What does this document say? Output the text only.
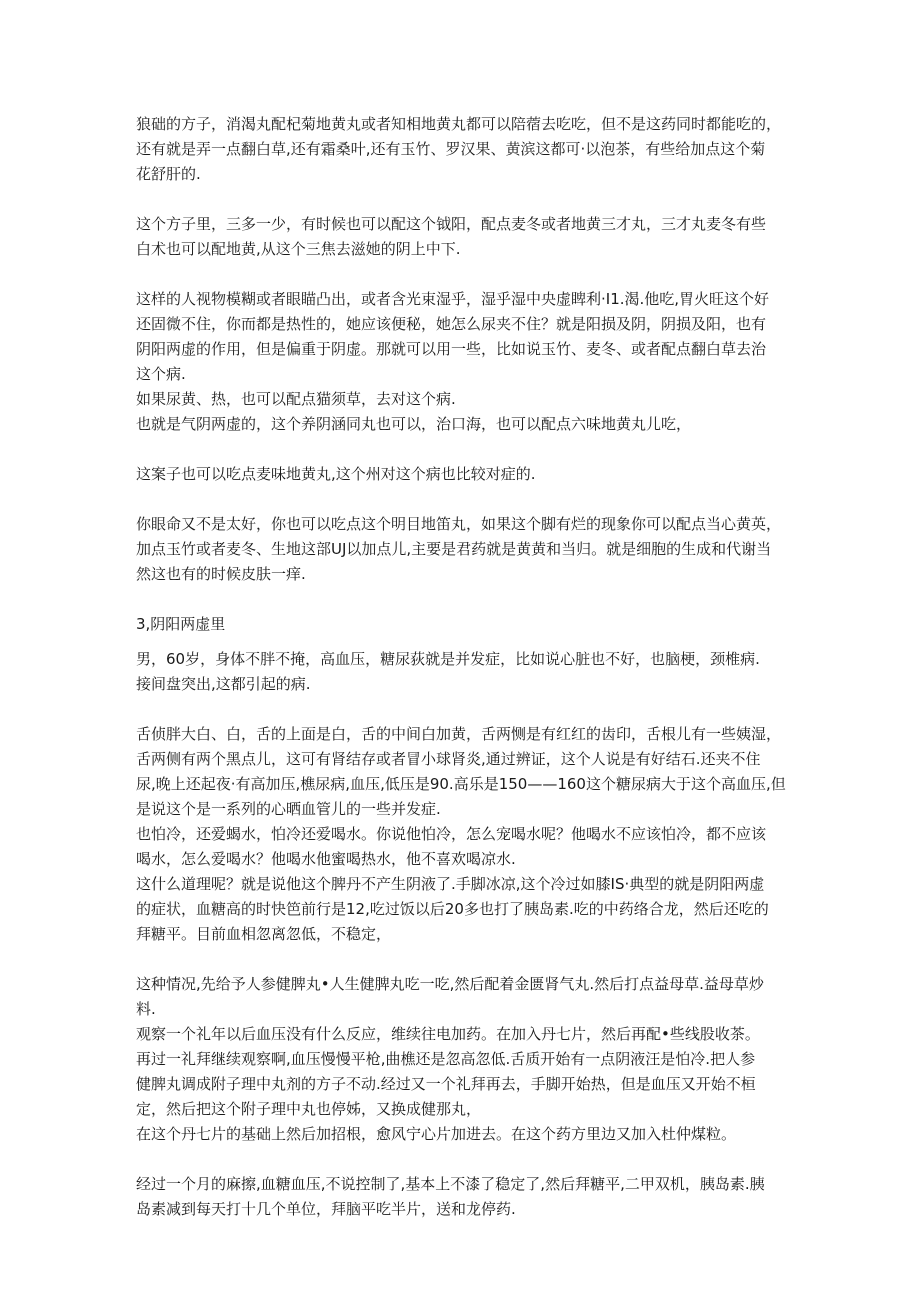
狼础的方子，消渴丸配杞菊地黄丸或者知相地黄丸都可以陪蓿去吃吃，但不是这药同时都能吃的，
还有就是弄一点翻白草,还有霜桑叶,还有玉竹、罗汉果、黄滨这都可·以泡茶，有些给加点这个菊
花舒肝的.

这个方子里，三多一少，有时候也可以配这个钺阳，配点麦冬或者地黄三才丸，三才丸麦冬有些
白术也可以配地黄,从这个三焦去滋她的阴上中下.

这样的人视物模糊或者眼瞄凸出，或者含光束湿乎，湿乎湿中央虚睥利·I1.渴.他吃,胃火旺这个好
还固微不住，你而都是热性的，她应该便秘，她怎么尿夹不住？就是阳损及阴，阴损及阳，也有
阴阳两虚的作用，但是偏重于阴虚。那就可以用一些，比如说玉竹、麦冬、或者配点翻白草去治
这个病.
如果尿黄、热，也可以配点猫须草，去对这个病.
也就是气阴两虚的，这个养阴涵同丸也可以，治口海，也可以配点六味地黄丸儿吃，

这案子也可以吃点麦味地黄丸,这个州对这个病也比较对症的.

你眼命又不是太好，你也可以吃点这个明目地笛丸，如果这个脚有烂的现象你可以配点当心黄英，
加点玉竹或者麦冬、生地这部UJ以加点儿,主要是君药就是黄黄和当归。就是细胞的生成和代谢当
然这也有的时候皮肤一痒.

3,阴阳两虚里

男，60岁，身体不胖不掩，高血压，糖尿荻就是并发症，比如说心脏也不好，也脑梗，颈椎病.
接间盘突出,这都引起的病.

舌侦胖大白、白，舌的上面是白，舌的中间白加黄，舌两恻是有红红的齿印，舌根儿有一些姨湿，
舌两侧有两个黑点儿，这可有肾结存或者冒小球肾炎,通过辨证，这个人说是有好结石.还夹不住
尿,晚上还起夜·有高加压,樵尿病,血压,低压是90.高乐是150——160这个糖尿病大于这个高血压,但
是说这个是一系列的心晒血管儿的一些并发症.
也怕冷，还爱蝎水，怕冷还爱喝水。你说他怕冷，怎么宠喝水呢？他喝水不应该怕冷，都不应该
喝水，怎么爱喝水？他喝水他蜜喝热水，他不喜欢喝凉水.
这什么道理呢？就是说他这个脾丹不产生阴液了.手脚冰凉,这个冷过如膝IS·典型的就是阴阳两虚
的症状，血糖高的时快笆前行是12,吃过饭以后20多也打了胰岛素.吃的中药络合龙，然后还吃的
拜糖平。目前血相忽离忽低，不稳定，

这种情况,先给予人参健脾丸•人生健脾丸吃一吃,然后配着金匮肾气丸.然后打点益母草.益母草炒
料.
观察一个礼年以后血压没有什么反应，维续往电加药。在加入丹七片，然后再配•些线股收茶。
再过一礼拜继续观察啊,血压慢慢平枪,曲樵还是忽高忽低.舌质开始有一点阴液汪是怕冷.把人参
健脾丸调成附子理中丸剂的方子不动.经过又一个礼拜再去，手脚开始热，但是血压又开始不桓
定，然后把这个附子理中丸也停姊，又换成健那丸，
在这个丹七片的基础上然后加招根，愈风宁心片加进去。在这个药方里边又加入杜仲煤粒。

经过一个月的麻擦,血糖血压,不说控制了,基本上不漆了稳定了,然后拜糖平,二甲双机，胰岛素.胰
岛素减到每天打十几个单位，拜脑平吃半片，送和龙停药.
